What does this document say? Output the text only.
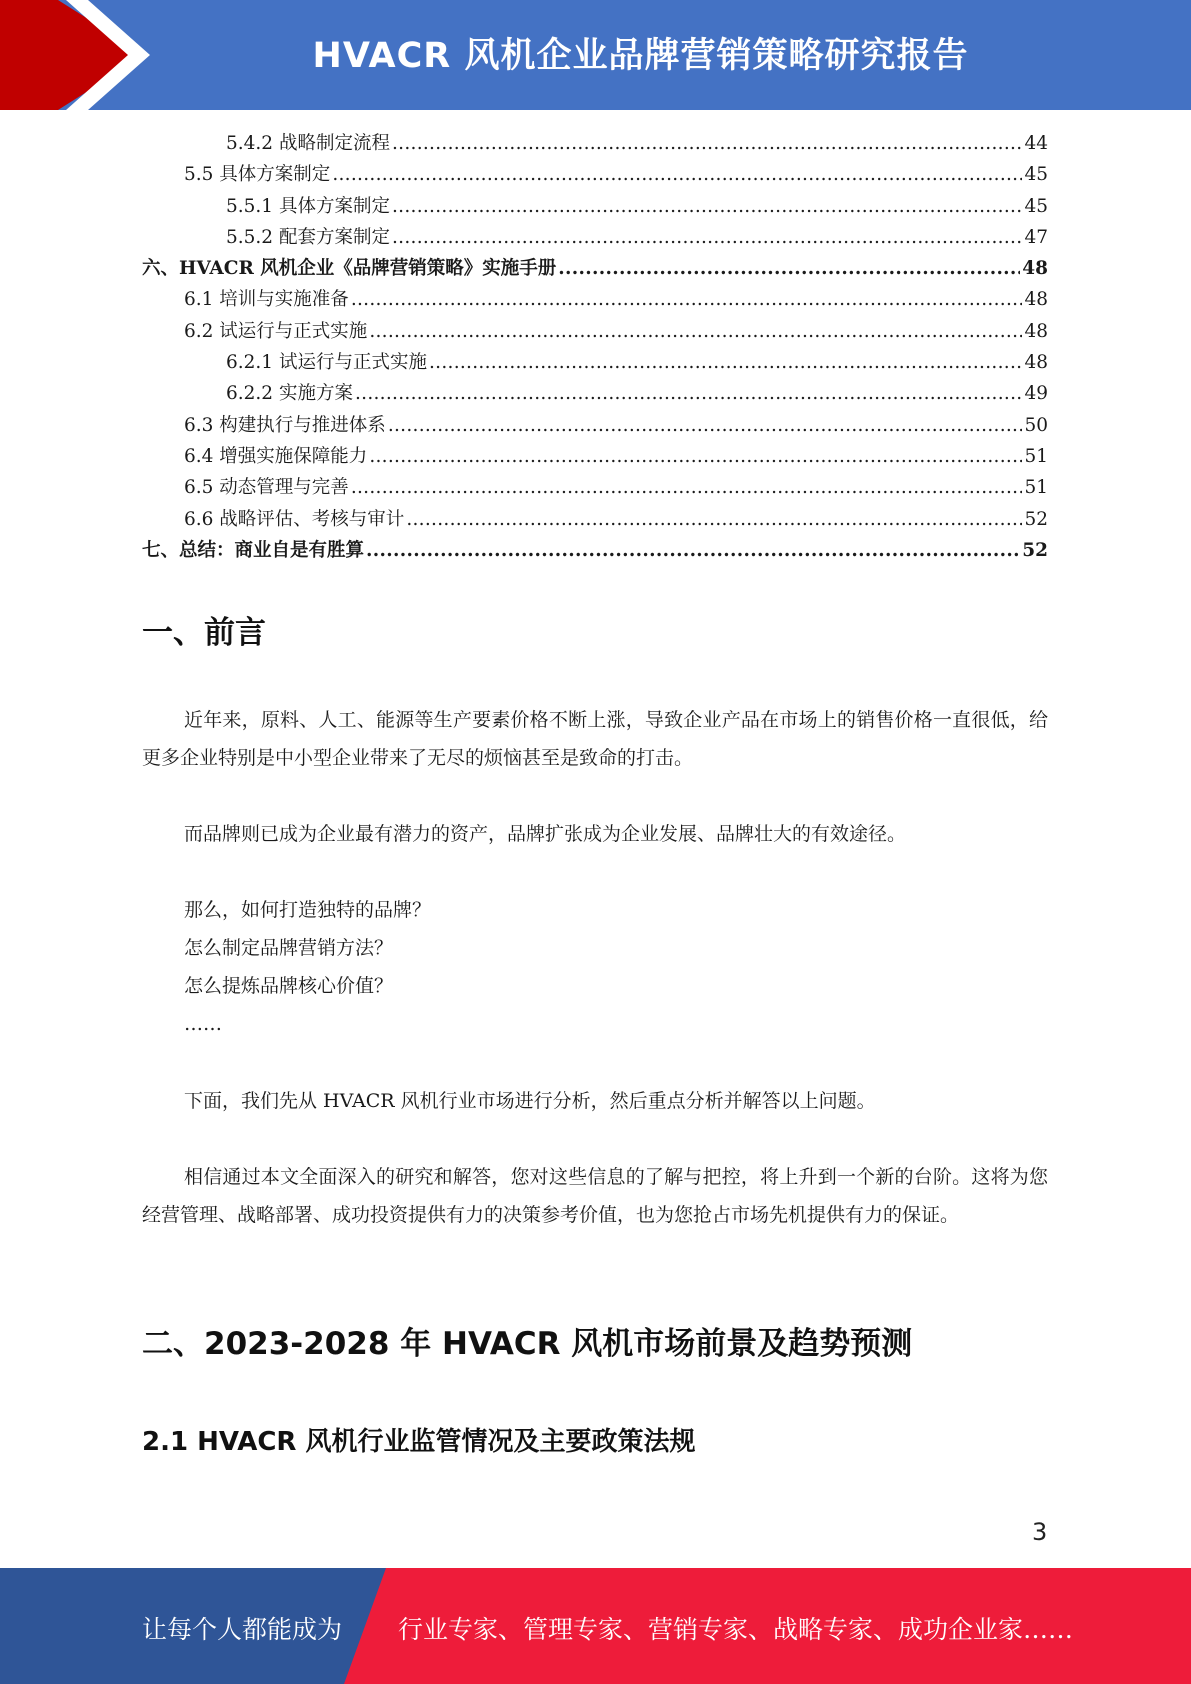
HVACR 风机企业品牌营销策略研究报告
5.4.2 战略制定流程 .....	44
5.5 具体方案制定 .....	45
5.5.1 具体方案制定 .....	45
5.5.2 配套方案制定 .....	47
六、HVACR 风机企业《品牌营销策略》实施手册 .....	48
6.1 培训与实施准备 .....	48
6.2 试运行与正式实施 .....	48
6.2.1 试运行与正式实施 .....	48
6.2.2 实施方案 .....	49
6.3 构建执行与推进体系 .....	50
6.4 增强实施保障能力 .....	51
6.5 动态管理与完善 .....	51
6.6 战略评估、考核与审计 .....	52
七、总结：商业自是有胜算 .....	52
一、前言
近年来，原料、人工、能源等生产要素价格不断上涨，导致企业产品在市场上的销售价格一直很低，给更多企业特别是中小型企业带来了无尽的烦恼甚至是致命的打击。
而品牌则已成为企业最有潜力的资产，品牌扩张成为企业发展、品牌壮大的有效途径。
那么，如何打造独特的品牌？
怎么制定品牌营销方法？
怎么提炼品牌核心价值？
……
下面，我们先从 HVACR 风机行业市场进行分析，然后重点分析并解答以上问题。
相信通过本文全面深入的研究和解答，您对这些信息的了解与把控，将上升到一个新的台阶。这将为您经营管理、战略部署、成功投资提供有力的决策参考价值，也为您抢占市场先机提供有力的保证。
二、2023-2028 年 HVACR 风机市场前景及趋势预测
2.1 HVACR 风机行业监管情况及主要政策法规
3
让每个人都能成为 行业专家、管理专家、营销专家、战略专家、成功企业家……
